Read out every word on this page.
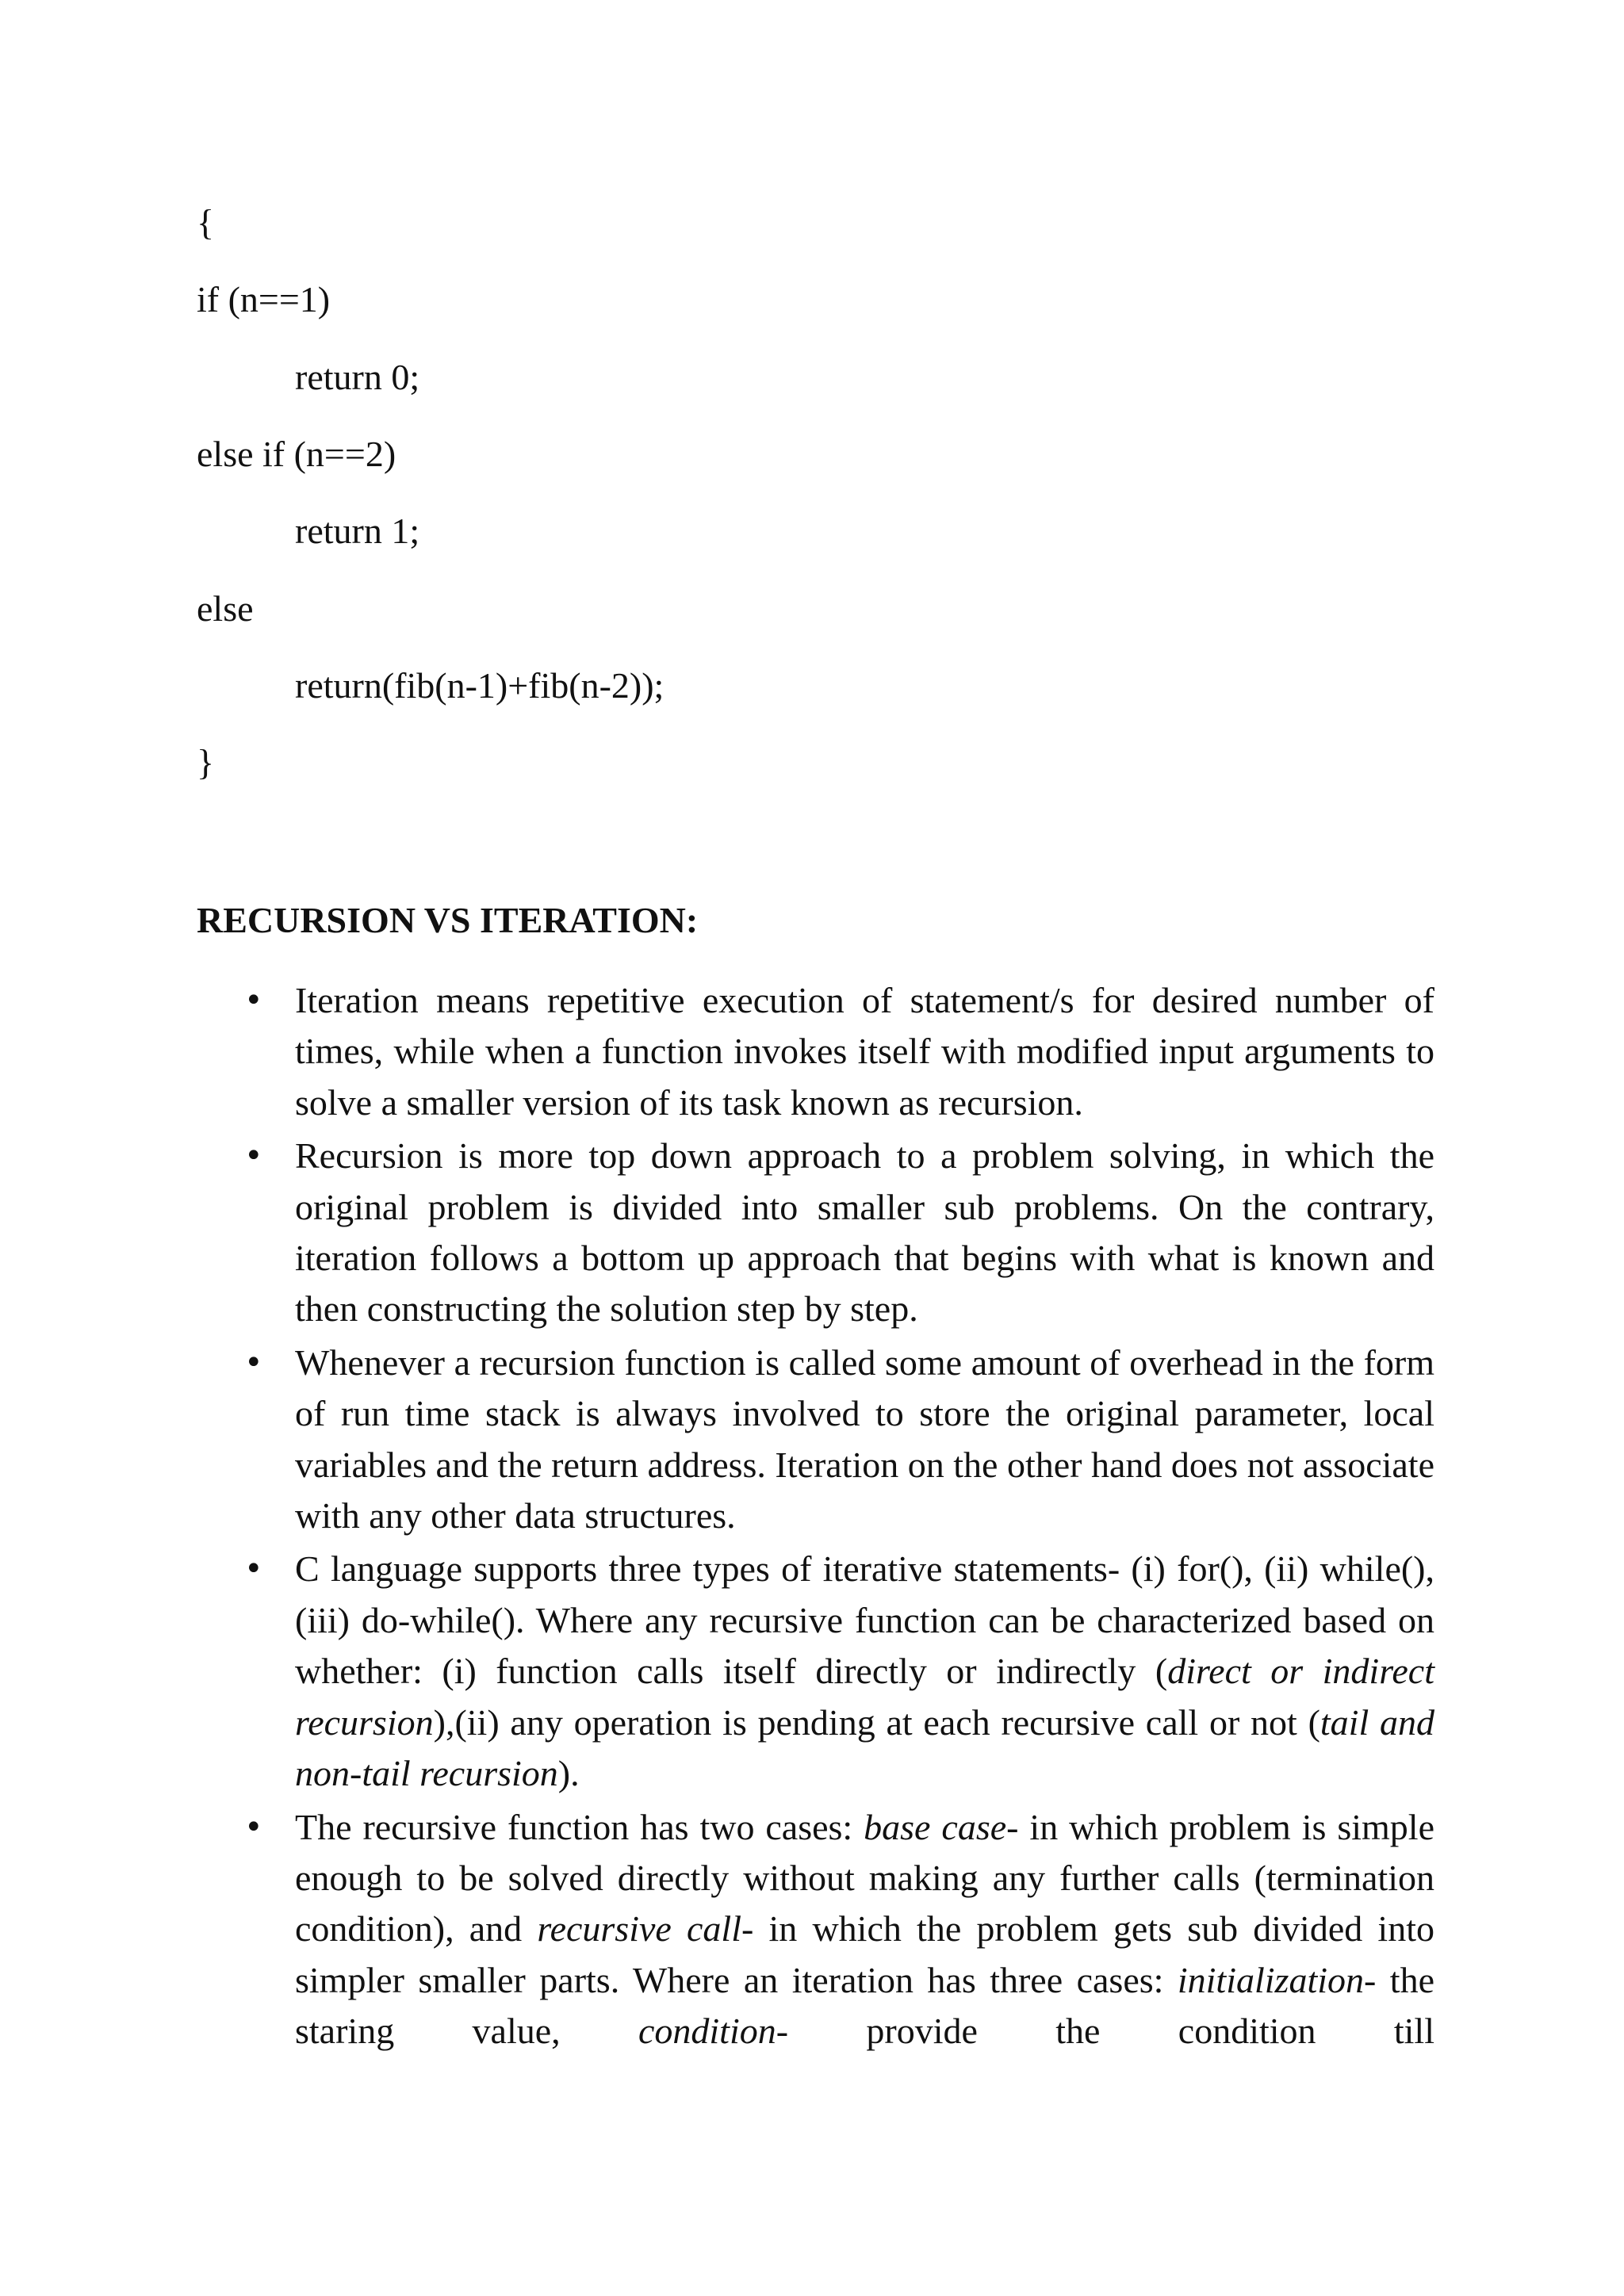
{

if (n==1)

return 0;

else if (n==2)

return 1;

else

return(fib(n-1)+fib(n-2));

}

RECURSION VS ITERATION:
• Iteration means repetitive execution of statement/s for desired number of times, while when a function invokes itself with modified input arguments to solve a smaller version of its task known as recursion.
• Recursion is more top down approach to a problem solving, in which the original problem is divided into smaller sub problems. On the contrary, iteration follows a bottom up approach that begins with what is known and then constructing the solution step by step.
• Whenever a recursion function is called some amount of overhead in the form of run time stack is always involved to store the original parameter, local variables and the return address. Iteration on the other hand does not associate with any other data structures.
• C language supports three types of iterative statements- (i) for(), (ii) while(), (iii) do-while(). Where any recursive function can be characterized based on whether: (i) function calls itself directly or indirectly (direct or indirect recursion),(ii) any operation is pending at each recursive call or not (tail and non-tail recursion).
• The recursive function has two cases: base case- in which problem is simple enough to be solved directly without making any further calls (termination condition), and recursive call- in which the problem gets sub divided into simpler smaller parts. Where an iteration has three cases: initialization- the staring value, condition- provide the condition till
